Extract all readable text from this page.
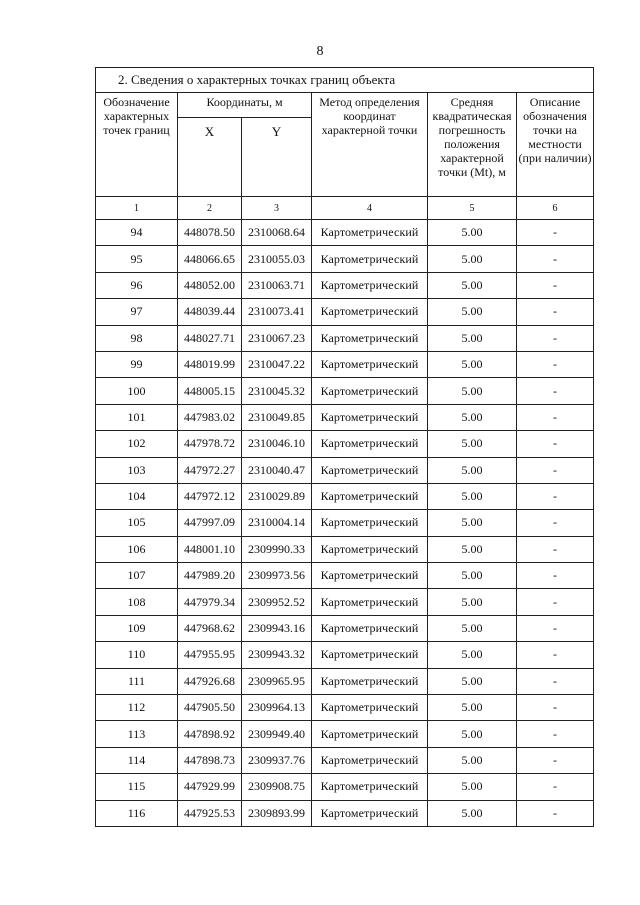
8
2. Сведения о характерных точках границ объекта					
Обозначение характерных точек границ	Координаты, м		Метод определения координат характерной точки	Средняя квадратическая погрешность положения характерной точки (Mt), м	Описание обозначения точки на местности (при наличии)
	X	Y			
1	2	3	4	5	6
94	448078.50	2310068.64	Картометрический	5.00	-
95	448066.65	2310055.03	Картометрический	5.00	-
96	448052.00	2310063.71	Картометрический	5.00	-
97	448039.44	2310073.41	Картометрический	5.00	-
98	448027.71	2310067.23	Картометрический	5.00	-
99	448019.99	2310047.22	Картометрический	5.00	-
100	448005.15	2310045.32	Картометрический	5.00	-
101	447983.02	2310049.85	Картометрический	5.00	-
102	447978.72	2310046.10	Картометрический	5.00	-
103	447972.27	2310040.47	Картометрический	5.00	-
104	447972.12	2310029.89	Картометрический	5.00	-
105	447997.09	2310004.14	Картометрический	5.00	-
106	448001.10	2309990.33	Картометрический	5.00	-
107	447989.20	2309973.56	Картометрический	5.00	-
108	447979.34	2309952.52	Картометрический	5.00	-
109	447968.62	2309943.16	Картометрический	5.00	-
110	447955.95	2309943.32	Картометрический	5.00	-
111	447926.68	2309965.95	Картометрический	5.00	-
112	447905.50	2309964.13	Картометрический	5.00	-
113	447898.92	2309949.40	Картометрический	5.00	-
114	447898.73	2309937.76	Картометрический	5.00	-
115	447929.99	2309908.75	Картометрический	5.00	-
116	447925.53	2309893.99	Картометрический	5.00	-
